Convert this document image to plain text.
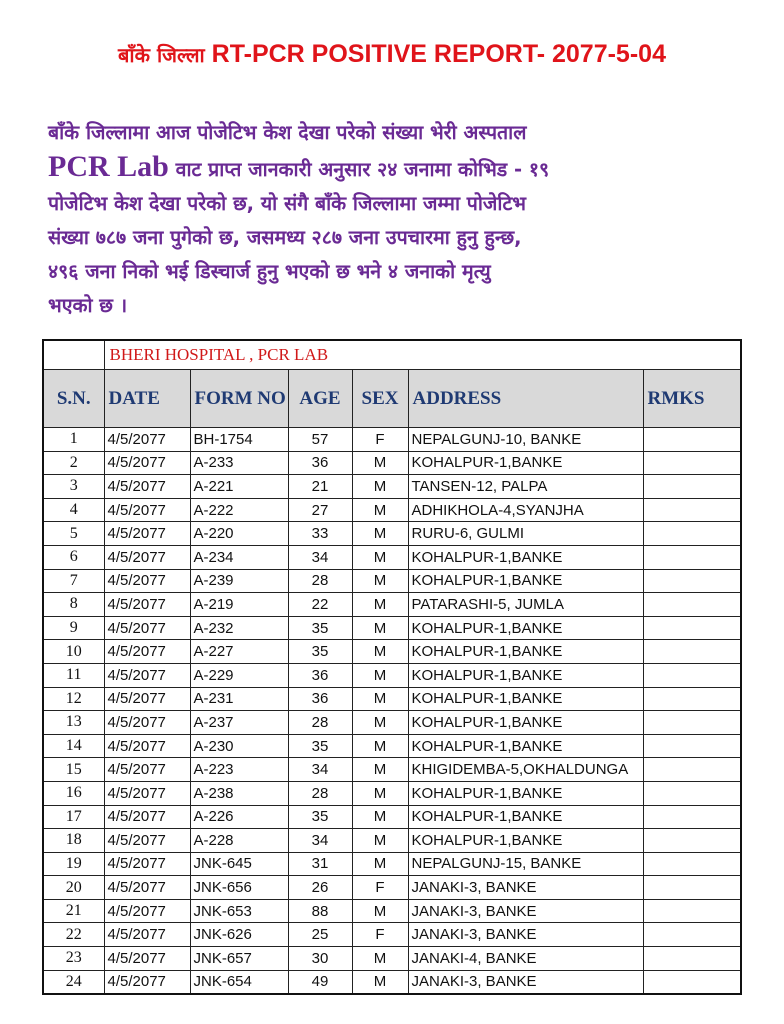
बाँके जिल्ला RT-PCR POSITIVE REPORT- 2077-5-04

बाँके जिल्लामा आज पोजेटिभ केश देखा परेको संख्या भेरी अस्पताल
PCR Lab वाट प्राप्त जानकारी अनुसार २४ जनामा कोभिड - १९
पोजेटिभ केश देखा परेको छ, यो संगै बाँके जिल्लामा जम्मा पोजेटिभ
संख्या ७८७ जना पुगेको छ, जसमध्य २८७ जना उपचारमा हुनु हुन्छ,
४९६ जना निको भई डिस्चार्ज हुनु भएको छ भने ४ जनाको मृत्यु
भएको छ ।

	BHERI HOSPITAL , PCR LAB					
S.N.	DATE	FORM NO	AGE	SEX	ADDRESS	RMKS
1	4/5/2077	BH-1754	57	F	NEPALGUNJ-10, BANKE	
2	4/5/2077	A-233	36	M	KOHALPUR-1,BANKE	
3	4/5/2077	A-221	21	M	TANSEN-12, PALPA	
4	4/5/2077	A-222	27	M	ADHIKHOLA-4,SYANJHA	
5	4/5/2077	A-220	33	M	RURU-6, GULMI	
6	4/5/2077	A-234	34	M	KOHALPUR-1,BANKE	
7	4/5/2077	A-239	28	M	KOHALPUR-1,BANKE	
8	4/5/2077	A-219	22	M	PATARASHI-5, JUMLA	
9	4/5/2077	A-232	35	M	KOHALPUR-1,BANKE	
10	4/5/2077	A-227	35	M	KOHALPUR-1,BANKE	
11	4/5/2077	A-229	36	M	KOHALPUR-1,BANKE	
12	4/5/2077	A-231	36	M	KOHALPUR-1,BANKE	
13	4/5/2077	A-237	28	M	KOHALPUR-1,BANKE	
14	4/5/2077	A-230	35	M	KOHALPUR-1,BANKE	
15	4/5/2077	A-223	34	M	KHIGIDEMBA-5,OKHALDUNGA	
16	4/5/2077	A-238	28	M	KOHALPUR-1,BANKE	
17	4/5/2077	A-226	35	M	KOHALPUR-1,BANKE	
18	4/5/2077	A-228	34	M	KOHALPUR-1,BANKE	
19	4/5/2077	JNK-645	31	M	NEPALGUNJ-15, BANKE	
20	4/5/2077	JNK-656	26	F	JANAKI-3, BANKE	
21	4/5/2077	JNK-653	88	M	JANAKI-3, BANKE	
22	4/5/2077	JNK-626	25	F	JANAKI-3, BANKE	
23	4/5/2077	JNK-657	30	M	JANAKI-4, BANKE	
24	4/5/2077	JNK-654	49	M	JANAKI-3, BANKE	
